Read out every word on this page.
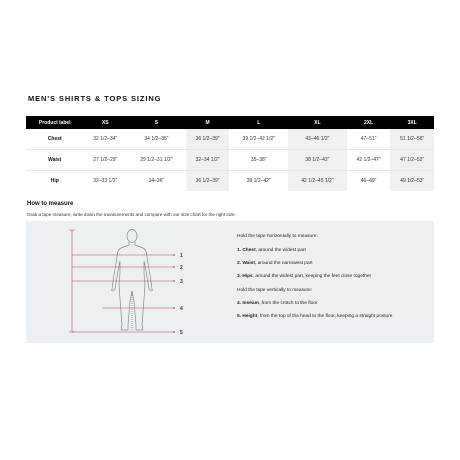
MEN'S SHIRTS & TOPS SIZING
Product label	XS	S	M	L	XL	2XL	3XL
Chest	32 1/2–34"	34 1/2–36"	36 1/2–39"	39 1/2–42 1/2"	43–46 1/2"	47–51"	51 1/2–56"
Waist	27 1/2–29"	29 1/2–31 1/2"	32–34 1/2"	35–38"	38 1/2–42"	42 1/2–47"	47 1/2–52"
Hip	32–33 1/2"	34–36"	36 1/2–39"	39 1/2–42"	42 1/2–45 1/2"	46–49"	49 1/2–53"
How to measure
Grab a tape measure, write down the measurements and compare with our size chart for the right size.
1
2
3
4
5
Hold the tape horizontally to measure:
1. Chest, around the widest part
2. Waist, around the narrowest part
3. Hips, around the widest part, keeping the feet close together
Hold the tape vertically to measure:
4. Inseam, from the crotch to the floor
5. Height, from the top of the head to the floor, keeping a straight posture
